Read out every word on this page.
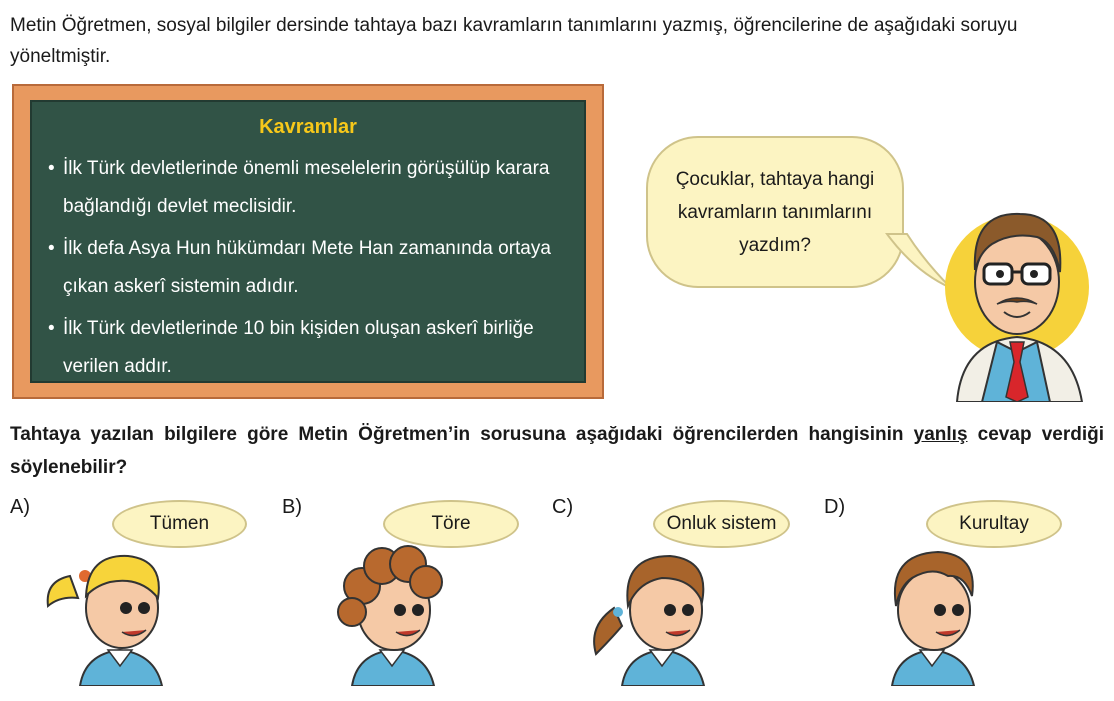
Metin Öğretmen, sosyal bilgiler dersinde tahtaya bazı kavramların tanımlarını yazmış, öğrencilerine de aşağıdaki soruyu yöneltmiştir.

Kavramlar
• İlk Türk devletlerinde önemli meselelerin görüşülüp karara bağlandığı devlet meclisidir.
• İlk defa Asya Hun hükümdarı Mete Han zamanında ortaya çıkan askerî sistemin adıdır.
• İlk Türk devletlerinde 10 bin kişiden oluşan askerî birliğe verilen addır.
Çocuklar, tahtaya hangi kavramların tanımlarını yazdım?

Tahtaya yazılan bilgilere göre Metin Öğretmen’in sorusuna aşağıdaki öğrencilerden hangisinin yanlış cevap verdiği söylenebilir?

A)
Tümen
B)
Töre
C)
Onluk sistem
D)
Kurultay
